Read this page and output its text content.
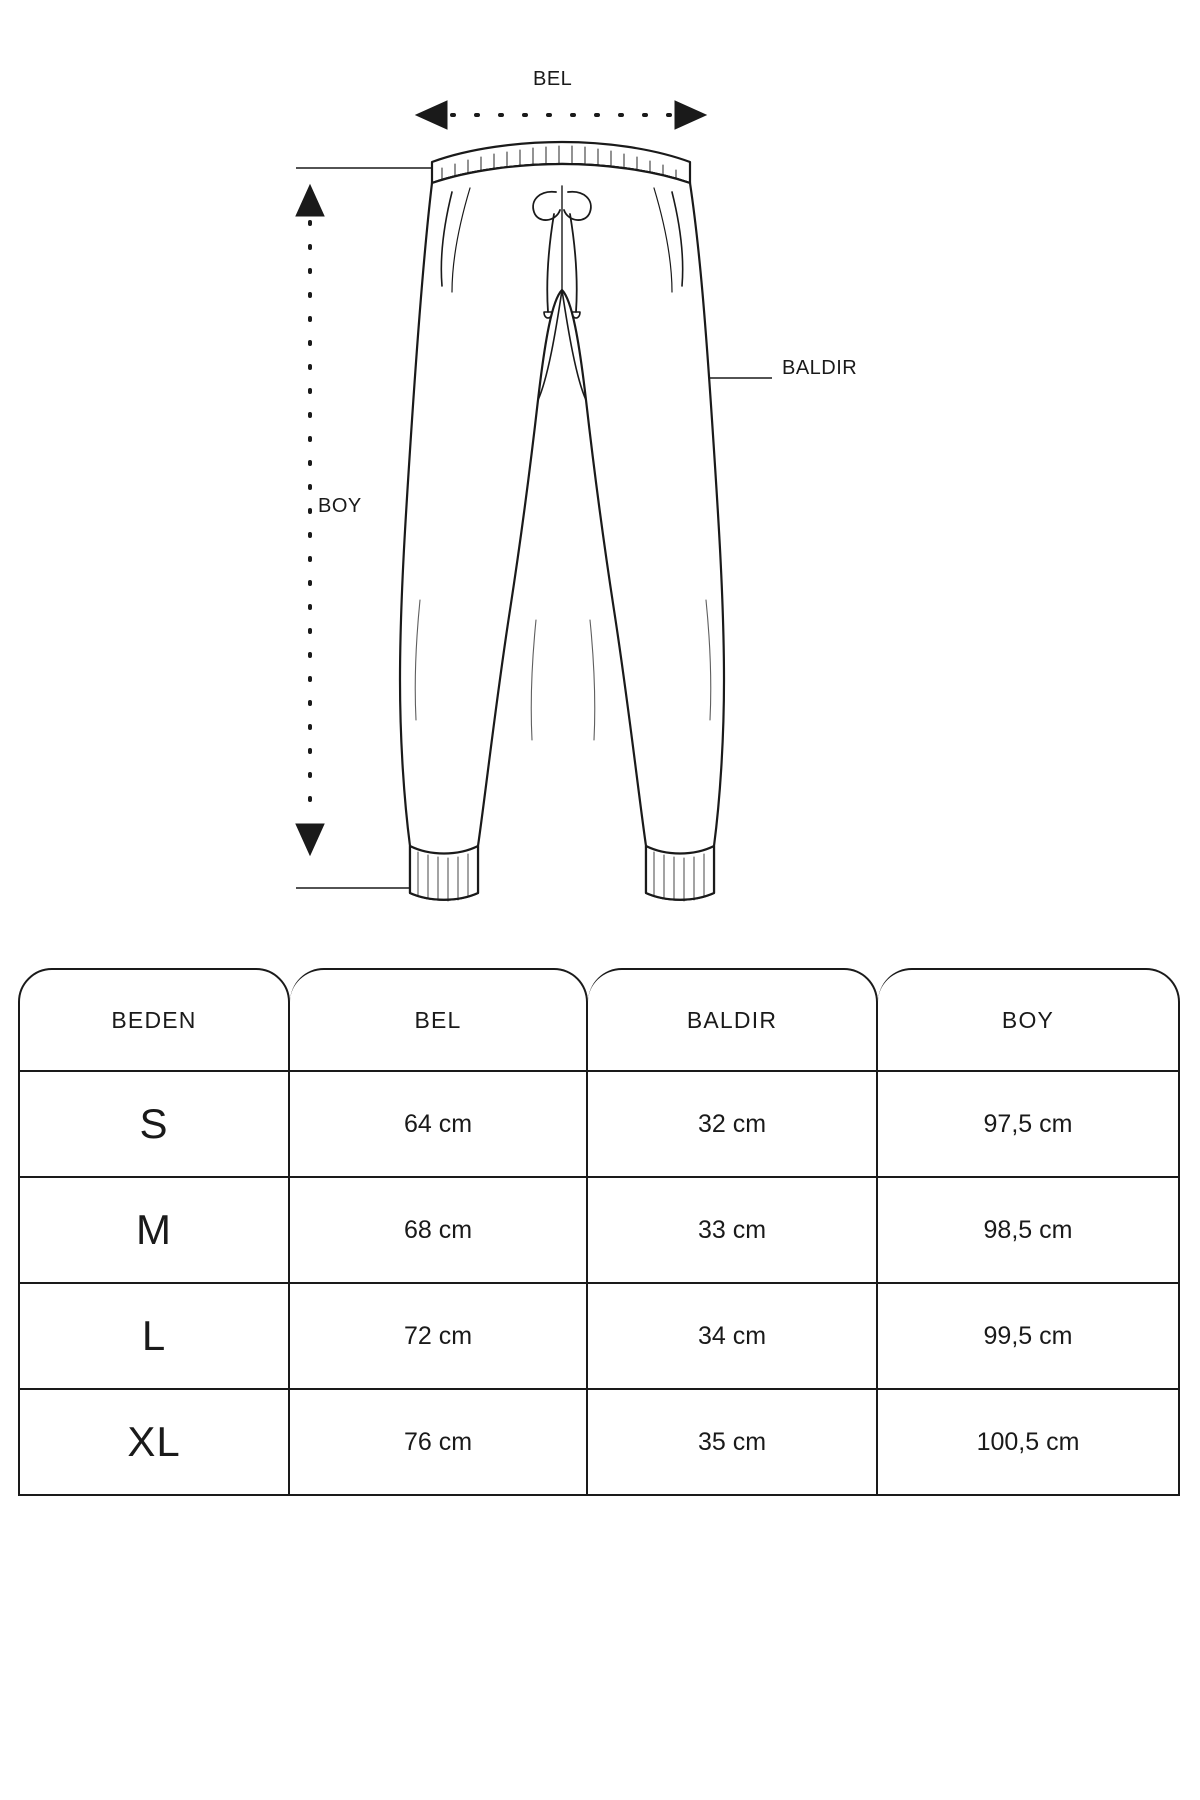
BEL
BOY
BALDIR
BEDEN	BEL	BALDIR	BOY
S	64 cm	32 cm	97,5 cm
M	68 cm	33 cm	98,5 cm
L	72 cm	34 cm	99,5 cm
XL	76 cm	35 cm	100,5 cm
